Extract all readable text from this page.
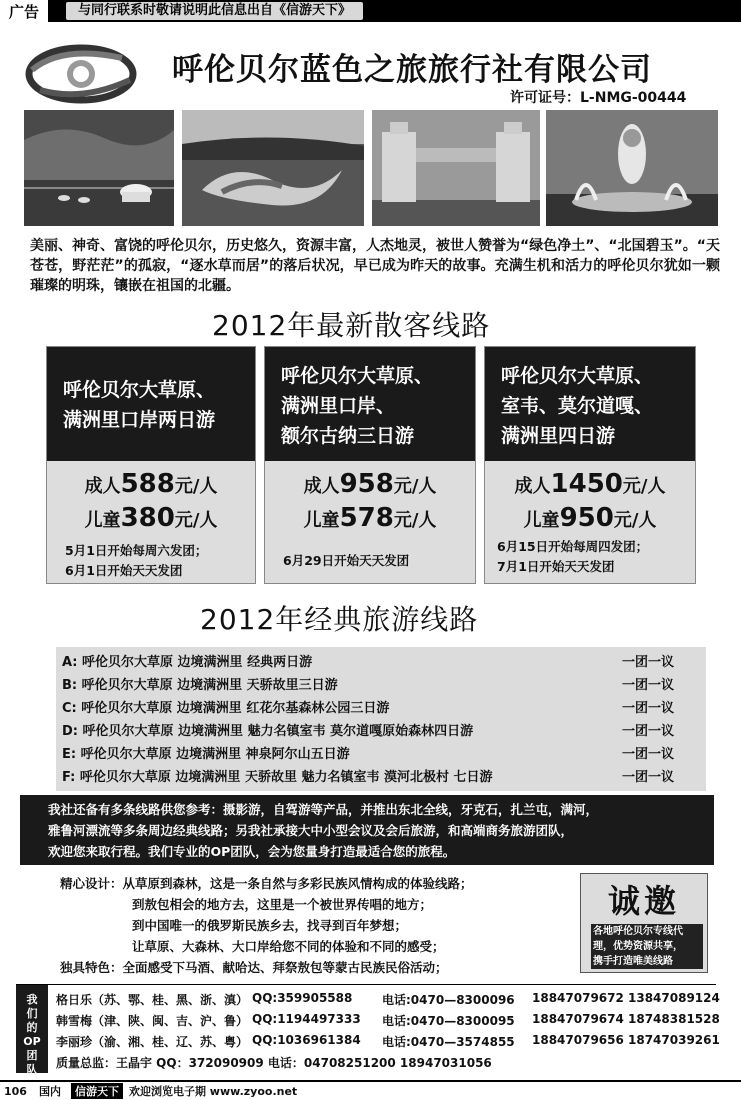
广告	与同行联系时敬请说明此信息出自《信游天下》
呼伦贝尔蓝色之旅旅行社有限公司
许可证号：L-NMG-00444
美丽、神奇、富饶的呼伦贝尔，历史悠久，资源丰富，人杰地灵，被世人赞誉为“绿色净土”、“北国碧玉”。“天苍苍，野茫茫”的孤寂，“逐水草而居”的落后状况，早已成为昨天的故事。充满生机和活力的呼伦贝尔犹如一颗璀璨的明珠，镶嵌在祖国的北疆。
2012年最新散客线路
呼伦贝尔大草原、
满洲里口岸两日游
成人588元/人
儿童380元/人
5月1日开始每周六发团；
6月1日开始天天发团
呼伦贝尔大草原、
满洲里口岸、
额尔古纳三日游
成人958元/人
儿童578元/人
6月29日开始天天发团
呼伦贝尔大草原、
室韦、莫尔道嘎、
满洲里四日游
成人1450元/人
儿童950元/人
6月15日开始每周四发团；
7月1日开始天天发团
2012年经典旅游线路
A: 呼伦贝尔大草原 边境满洲里 经典两日游	一团一议
B: 呼伦贝尔大草原 边境满洲里 天骄故里三日游	一团一议
C: 呼伦贝尔大草原 边境满洲里 红花尔基森林公园三日游	一团一议
D: 呼伦贝尔大草原 边境满洲里 魅力名镇室韦 莫尔道嘎原始森林四日游	一团一议
E: 呼伦贝尔大草原 边境满洲里 神泉阿尔山五日游	一团一议
F: 呼伦贝尔大草原 边境满洲里 天骄故里 魅力名镇室韦 漠河北极村 七日游	一团一议
我社还备有多条线路供您参考：摄影游，自驾游等产品，并推出东北全线，牙克石，扎兰屯，满河，
雅鲁河漂流等多条周边经典线路；另我社承接大中小型会议及会后旅游，和高端商务旅游团队，
欢迎您来取行程。我们专业的OP团队，会为您量身打造最适合您的旅程。
精心设计：从草原到森林，这是一条自然与多彩民族风情构成的体验线路；
到敖包相会的地方去，这里是一个被世界传唱的地方；
到中国唯一的俄罗斯民族乡去，找寻到百年梦想；
让草原、大森林、大口岸给您不同的体验和不同的感受；
独具特色：全面感受下马酒、献哈达、拜祭敖包等蒙古民族民俗活动；
诚邀
各地呼伦贝尔专线代
理，优势资源共享，
携手打造唯美线路
我
们
的
OP
团
队
格日乐（苏、鄂、桂、黑、浙、滇） QQ:359905588 电话:0470—8300096 18847079672 13847089124
韩雪梅（津、陕、闽、吉、沪、鲁） QQ:1194497333 电话:0470—8300095 18847079674 18748381528
李丽珍（渝、湘、桂、辽、苏、粤） QQ:1036961384 电话:0470—3574855 18847079656 18747039261
质量总监：王晶宇 QQ：372090909 电话：04708251200 18947031056
106 国内	信游天下 欢迎浏览电子期 www.zyoo.net
